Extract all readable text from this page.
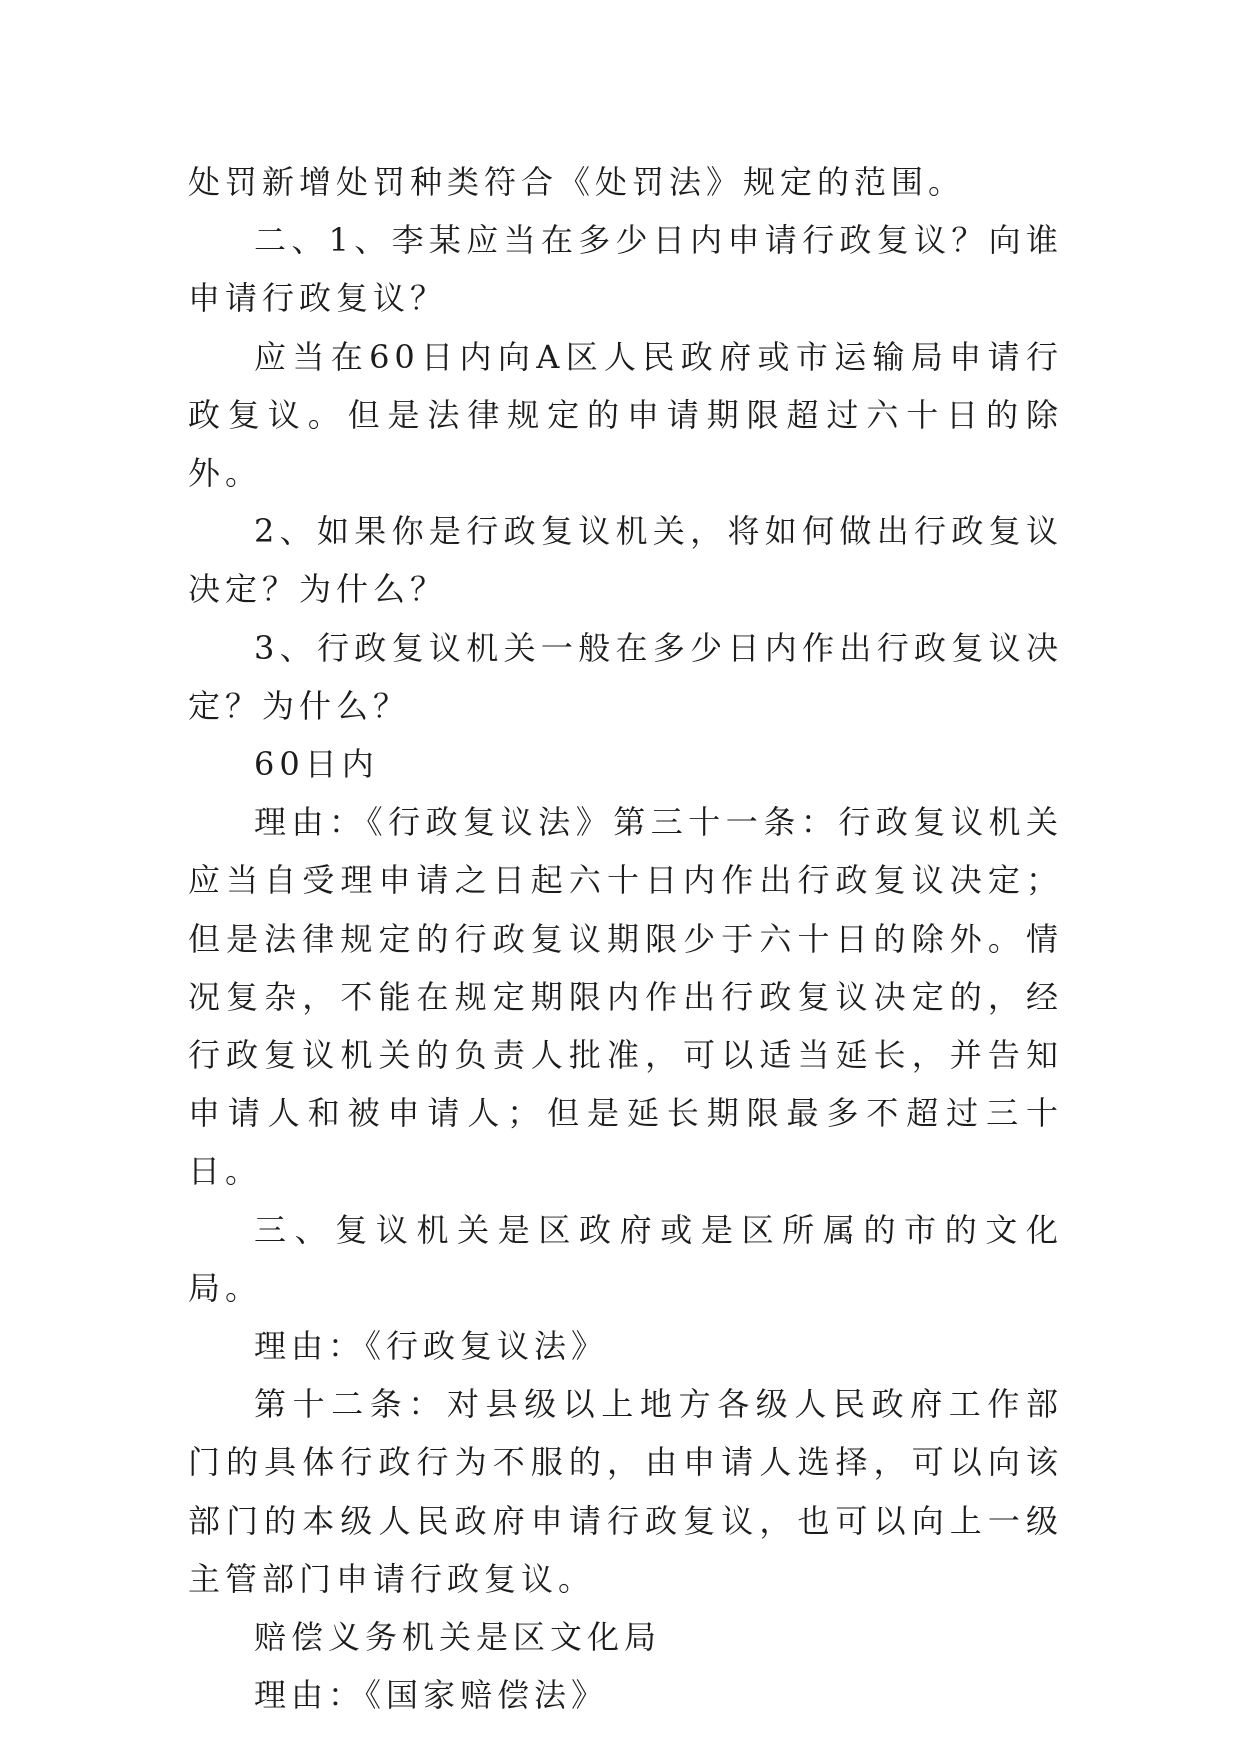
处罚新增处罚种类符合《处罚法》规定的范围。

二、1、李某应当在多少日内申请行政复议？向谁申请行政复议？

应当在60日内向A区人民政府或市运输局申请行政复议。但是法律规定的申请期限超过六十日的除外。

2、如果你是行政复议机关，将如何做出行政复议决定？为什么？

3、行政复议机关一般在多少日内作出行政复议决定？为什么？

60日内

理由：《行政复议法》第三十一条：行政复议机关应当自受理申请之日起六十日内作出行政复议决定；但是法律规定的行政复议期限少于六十日的除外。情况复杂，不能在规定期限内作出行政复议决定的，经行政复议机关的负责人批准，可以适当延长，并告知申请人和被申请人；但是延长期限最多不超过三十日。

三、复议机关是区政府或是区所属的市的文化局。

理由：《行政复议法》

第十二条：对县级以上地方各级人民政府工作部门的具体行政行为不服的，由申请人选择，可以向该部门的本级人民政府申请行政复议，也可以向上一级主管部门申请行政复议。

赔偿义务机关是区文化局

理由：《国家赔偿法》
